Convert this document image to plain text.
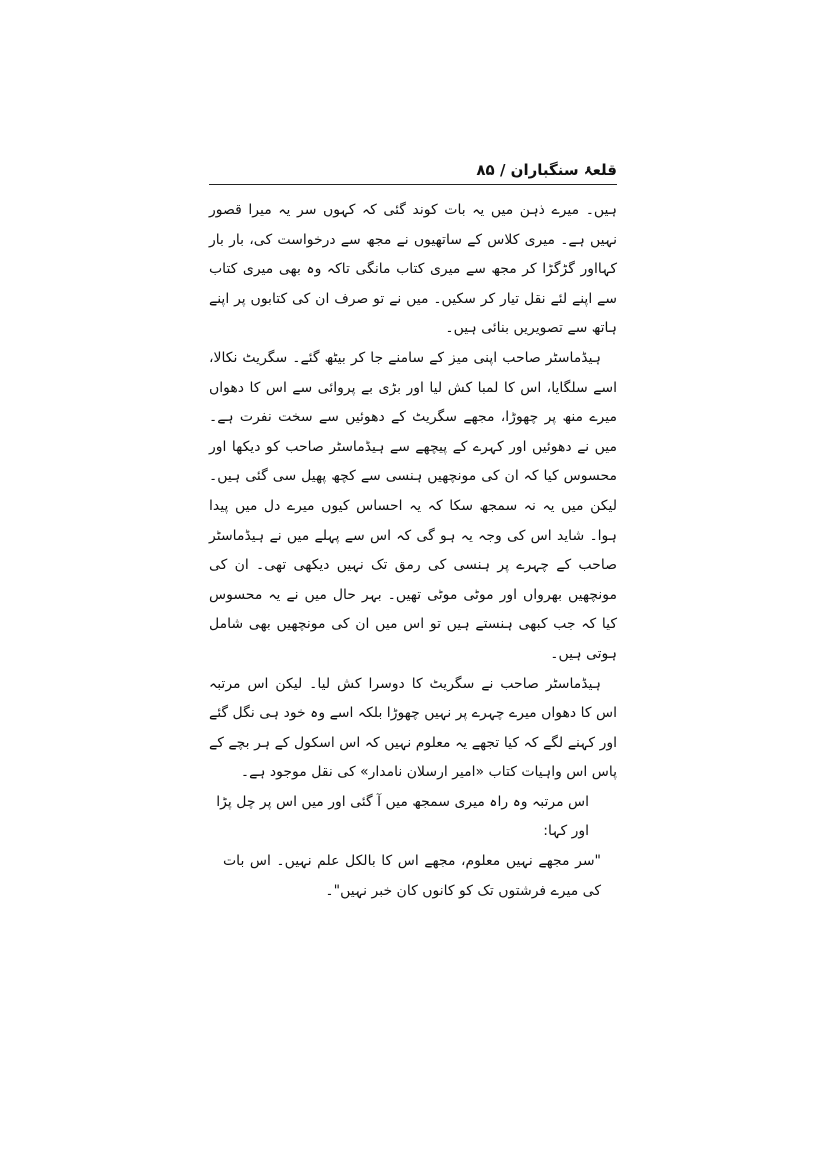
قلعۂ سنگباران / ۸۵

ہیں۔ میرے ذہن میں یہ بات کوند گئی کہ کہوں سر یہ میرا قصور نہیں ہے۔ میری کلاس کے ساتھیوں نے مجھ سے درخواست کی، بار بار کہااور گڑگڑا کر مجھ سے میری کتاب مانگی تاکہ وہ بھی میری کتاب سے اپنے لئے نقل تیار کر سکیں۔ میں نے تو صرف ان کی کتابوں پر اپنے ہاتھ سے تصویریں بنائی ہیں۔

ہیڈماسٹر صاحب اپنی میز کے سامنے جا کر بیٹھ گئے۔ سگریٹ نکالا، اسے سلگایا، اس کا لمبا کش لیا اور بڑی بے پروائی سے اس کا دھواں میرے منھ پر چھوڑا، مجھے سگریٹ کے دھوئیں سے سخت نفرت ہے۔ میں نے دھوئیں اور کہرے کے پیچھے سے ہیڈماسٹر صاحب کو دیکھا اور محسوس کیا کہ ان کی مونچھیں ہنسی سے کچھ پھیل سی گئی ہیں۔ لیکن میں یہ نہ سمجھ سکا کہ یہ احساس کیوں میرے دل میں پیدا ہوا۔ شاید اس کی وجہ یہ ہو گی کہ اس سے پہلے میں نے ہیڈماسٹر صاحب کے چہرے پر ہنسی کی رمق تک نہیں دیکھی تھی۔ ان کی مونچھیں بھرواں اور موٹی موٹی تھیں۔ بہر حال میں نے یہ محسوس کیا کہ جب کبھی ہنستے ہیں تو اس میں ان کی مونچھیں بھی شامل ہوتی ہیں۔

ہیڈماسٹر صاحب نے سگریٹ کا دوسرا کش لیا۔ لیکن اس مرتبہ اس کا دھواں میرے چہرے پر نہیں چھوڑا بلکہ اسے وہ خود ہی نگل گئے اور کہنے لگے کہ کیا تجھے یہ معلوم نہیں کہ اس اسکول کے ہر بچے کے پاس اس واہیات کتاب «امیر ارسلان نامدار» کی نقل موجود ہے۔

اس مرتبہ وہ راہ میری سمجھ میں آ گئی اور میں اس پر چل پڑا اور کہا:

"سر مجھے نہیں معلوم، مجھے اس کا بالکل علم نہیں۔ اس بات کی میرے فرشتوں تک کو کانوں کان خبر نہیں"۔
